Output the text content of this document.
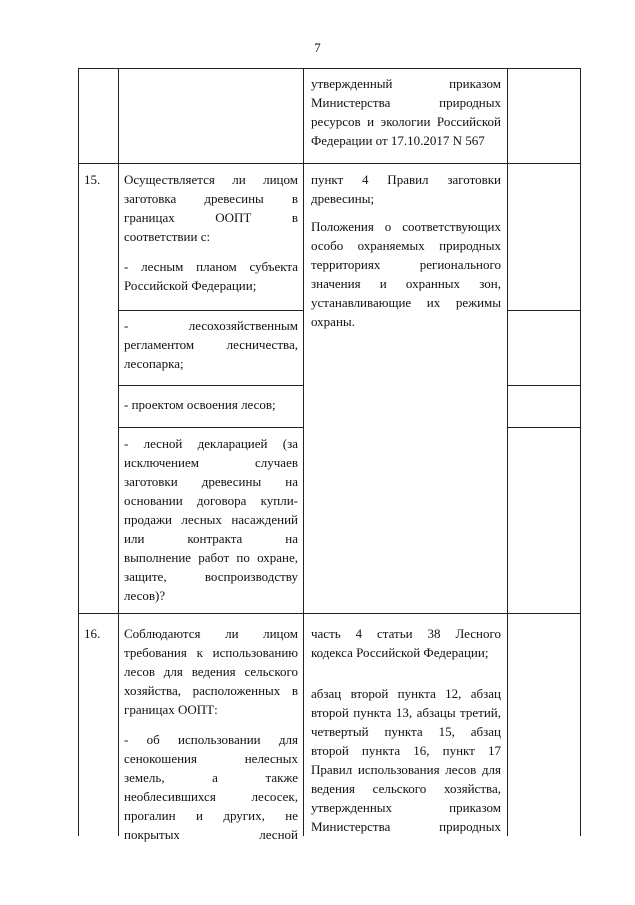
7

утвержденный приказом

Министерства природных

ресурсов и экологии Российской

Федерации от 17.10.2017 N 567

15. Осуществляется ли лицом

заготовка древесины в

границах ООПТ в

соответствии с:

- лесным планом субъекта

Российской Федерации;

- лесохозяйственным

регламентом лесничества,

лесопарка;

- проектом освоения лесов;

- лесной декларацией (за

исключением случаев

заготовки древесины на

основании договора купли-

продажи лесных насаждений

или контракта на

выполнение работ по охране,

защите, воспроизводству

лесов)?

пункт 4 Правил заготовки

древесины;

Положения о соответствующих

особо охраняемых природных

территориях регионального

значения и охранных зон,

устанавливающие их режимы

охраны.

16. Соблюдаются ли лицом

требования к использованию

лесов для ведения сельского

хозяйства, расположенных в

границах ООПТ:

- об использовании для

сенокошения нелесных

земель, а также

необлесившихся лесосек,

прогалин и других, не

покрытых лесной

часть 4 статьи 38 Лесного

кодекса Российской Федерации;

абзац второй пункта 12, абзац

второй пункта 13, абзацы третий,

четвертый пункта 15, абзац

второй пункта 16, пункт 17

Правил использования лесов для

ведения сельского хозяйства,

утвержденных приказом

Министерства природных
